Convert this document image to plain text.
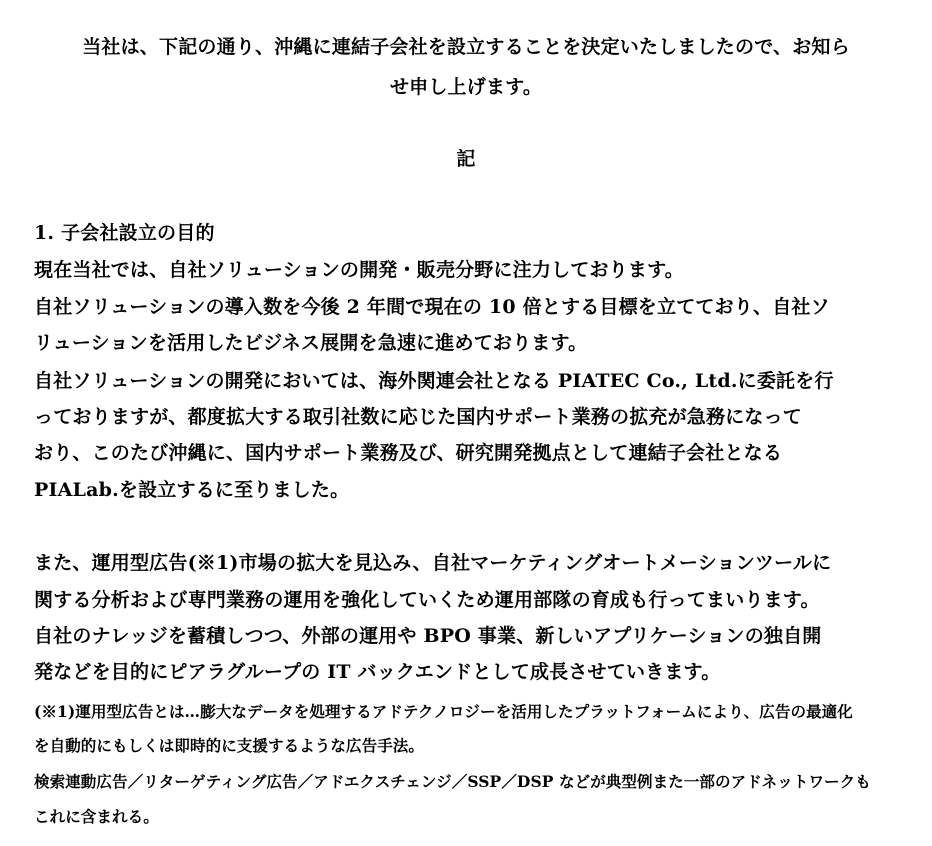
当社は、下記の通り、沖縄に連結子会社を設立することを決定いたしましたので、お知ら
せ申し上げます。
記
1. 子会社設立の目的
現在当社では、自社ソリューションの開発・販売分野に注力しております。
自社ソリューションの導入数を今後 2 年間で現在の 10 倍とする目標を立てており、自社ソ
リューションを活用したビジネス展開を急速に進めております。
自社ソリューションの開発においては、海外関連会社となる PIATEC Co., Ltd.に委託を行
っておりますが、都度拡大する取引社数に応じた国内サポート業務の拡充が急務になって
おり、このたび沖縄に、国内サポート業務及び、研究開発拠点として連結子会社となる
PIALab.を設立するに至りました。
また、運用型広告(※1)市場の拡大を見込み、自社マーケティングオートメーションツールに
関する分析および専門業務の運用を強化していくため運用部隊の育成も行ってまいります。
自社のナレッジを蓄積しつつ、外部の運用や BPO 事業、新しいアプリケーションの独自開
発などを目的にピアラグループの IT バックエンドとして成長させていきます。
(※1)運用型広告とは…膨大なデータを処理するアドテクノロジーを活用したプラットフォームにより、広告の最適化
を自動的にもしくは即時的に支援するような広告手法。
検索連動広告／リターゲティング広告／アドエクスチェンジ／SSP／DSP などが典型例また一部のアドネットワークも
これに含まれる。
